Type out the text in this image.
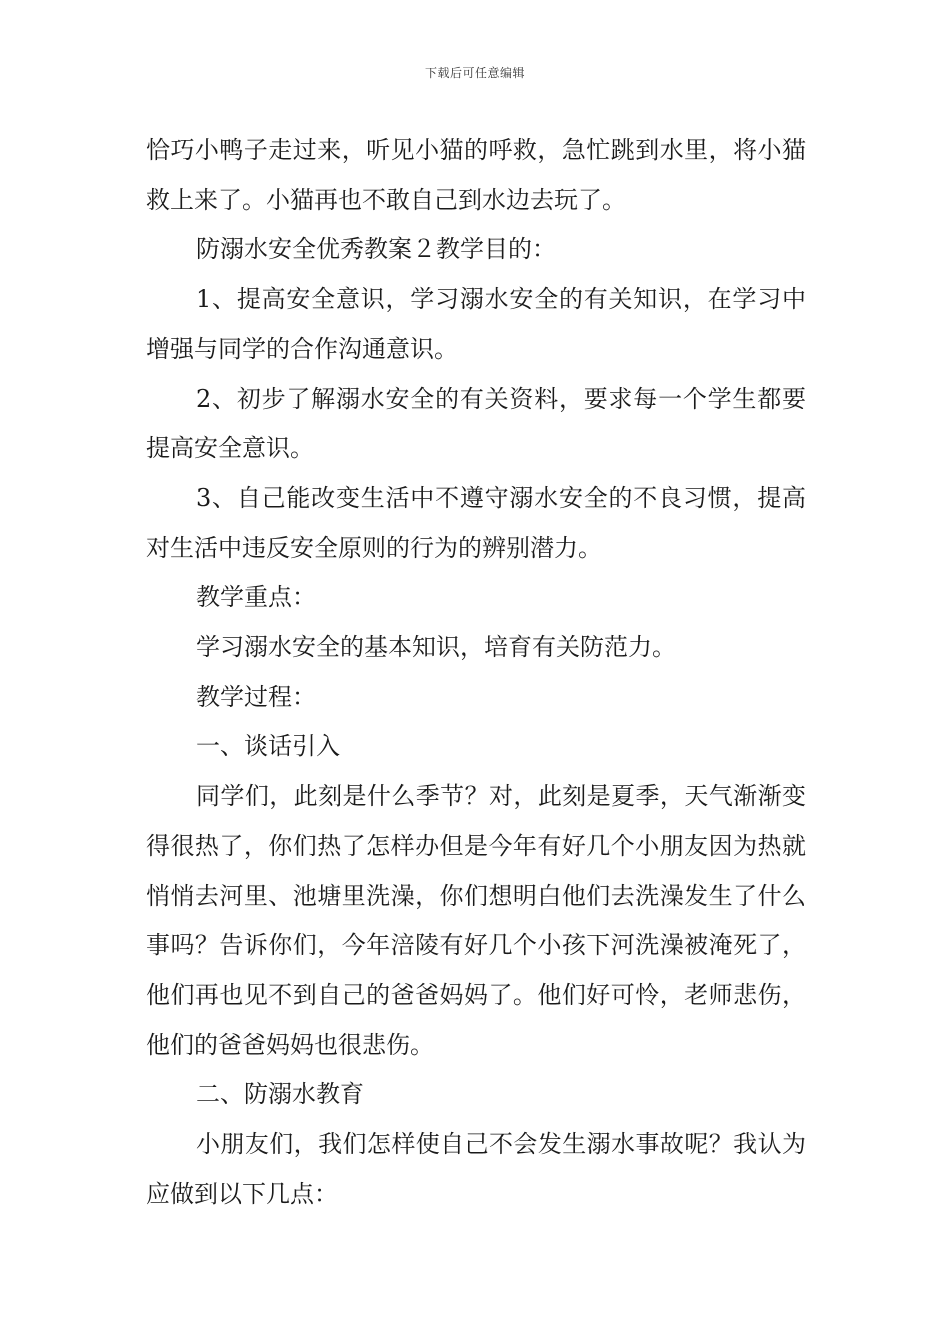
下载后可任意编辑

恰巧小鸭子走过来，听见小猫的呼救，急忙跳到水里，将小猫救上来了。小猫再也不敢自己到水边去玩了。

防溺水安全优秀教案２教学目的：

1、提高安全意识，学习溺水安全的有关知识，在学习中增强与同学的合作沟通意识。

2、初步了解溺水安全的有关资料，要求每一个学生都要提高安全意识。

3、自己能改变生活中不遵守溺水安全的不良习惯，提高对生活中违反安全原则的行为的辨别潜力。

教学重点：

学习溺水安全的基本知识，培育有关防范力。

教学过程：

一、谈话引入

同学们，此刻是什么季节？对，此刻是夏季，天气渐渐变得很热了，你们热了怎样办但是今年有好几个小朋友因为热就悄悄去河里、池塘里洗澡，你们想明白他们去洗澡发生了什么事吗？告诉你们，今年涪陵有好几个小孩下河洗澡被淹死了，他们再也见不到自己的爸爸妈妈了。他们好可怜，老师悲伤，他们的爸爸妈妈也很悲伤。

二、防溺水教育

小朋友们，我们怎样使自己不会发生溺水事故呢？我认为应做到以下几点：
